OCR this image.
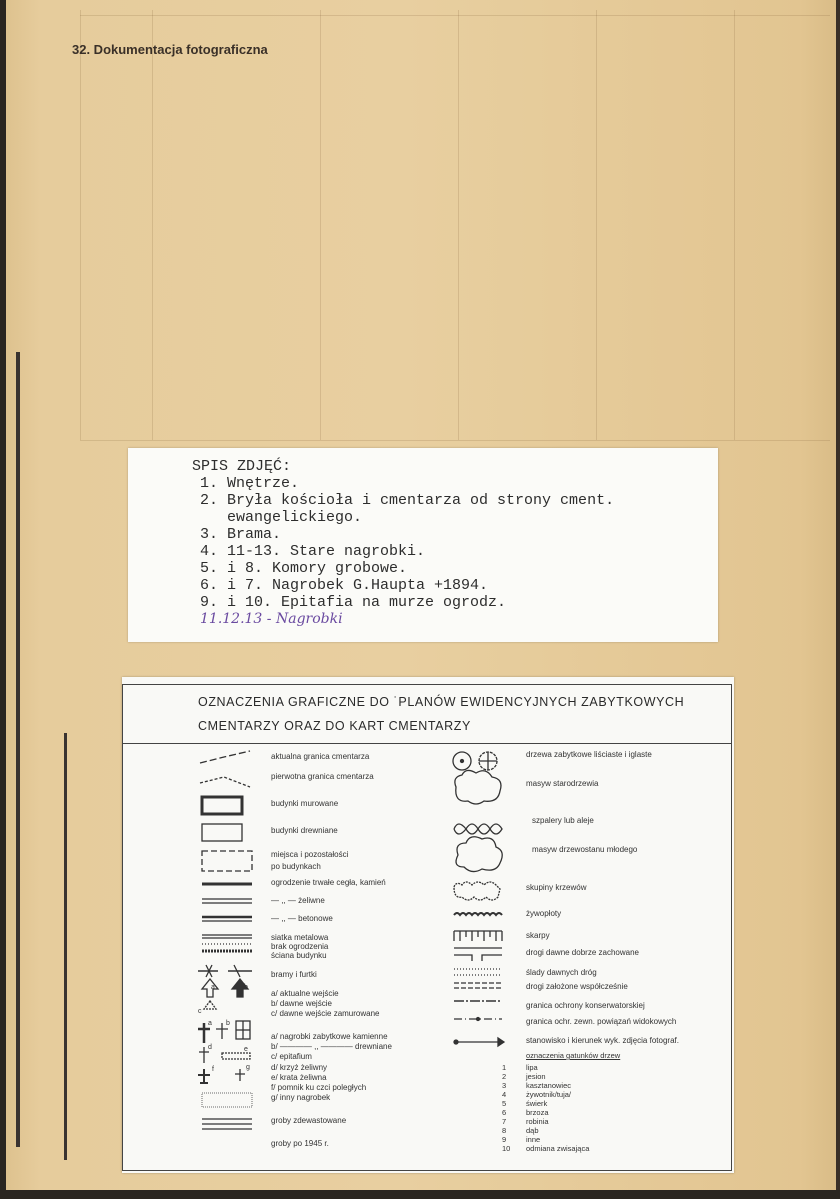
32. Dokumentacja fotograficzna
SPIS ZDJĘĆ:
1. Wnętrze.
2. Bryła kościoła i cmentarza od strony cment.
ewangelickiego.
3. Brama.
4. 11-13. Stare nagrobki.
5. i 8. Komory grobowe.
6. i 7. Nagrobek G.Haupta +1894.
9. i 10. Epitafia na murze ogrodz.
11.12.13 - Nagrobki
OZNACZENIA GRAFICZNE DO ˙PLANÓW EWIDENCYJNYCH ZABYTKOWYCH
CMENTARZY ORAZ DO KART CMENTARZY
a	b
c
a b
d	e
f	g
aktualna granica cmentarza
pierwotna granica cmentarza
budynki murowane
budynki drewniane
miejsca i pozostałości
po budynkach
ogrodzenie trwałe cegła, kamień
— ,, — żeliwne
— ,, — betonowe
siatka metalowa
brak ogrodzenia
ściana budynku
bramy i furtki
a/ aktualne wejście
b/ dawne wejście
c/ dawne wejście zamurowane
a/ nagrobki zabytkowe kamienne
b/ ———— ,, ———— drewniane
c/ epitafium
d/ krzyż żeliwny
e/ krata żeliwna
f/ pomnik ku czci poległych
g/ inny nagrobek
groby zdewastowane
groby po 1945 r.
drzewa zabytkowe liściaste i iglaste
masyw starodrzewia
szpalery lub aleje
masyw drzewostanu młodego
skupiny krzewów
żywopłoty
skarpy
drogi dawne dobrze zachowane
ślady dawnych dróg
drogi założone współcześnie
granica ochrony konserwatorskiej
granica ochr. zewn. powiązań widokowych
stanowisko i kierunek wyk. zdjęcia fotograf.
oznaczenia gatunków drzew
1	lipa
2	jesion
3	kasztanowiec
4	żywotnik/tuja/
5	świerk
6	brzoza
7	robinia
8	dąb
9	inne
10 odmiana zwisająca
